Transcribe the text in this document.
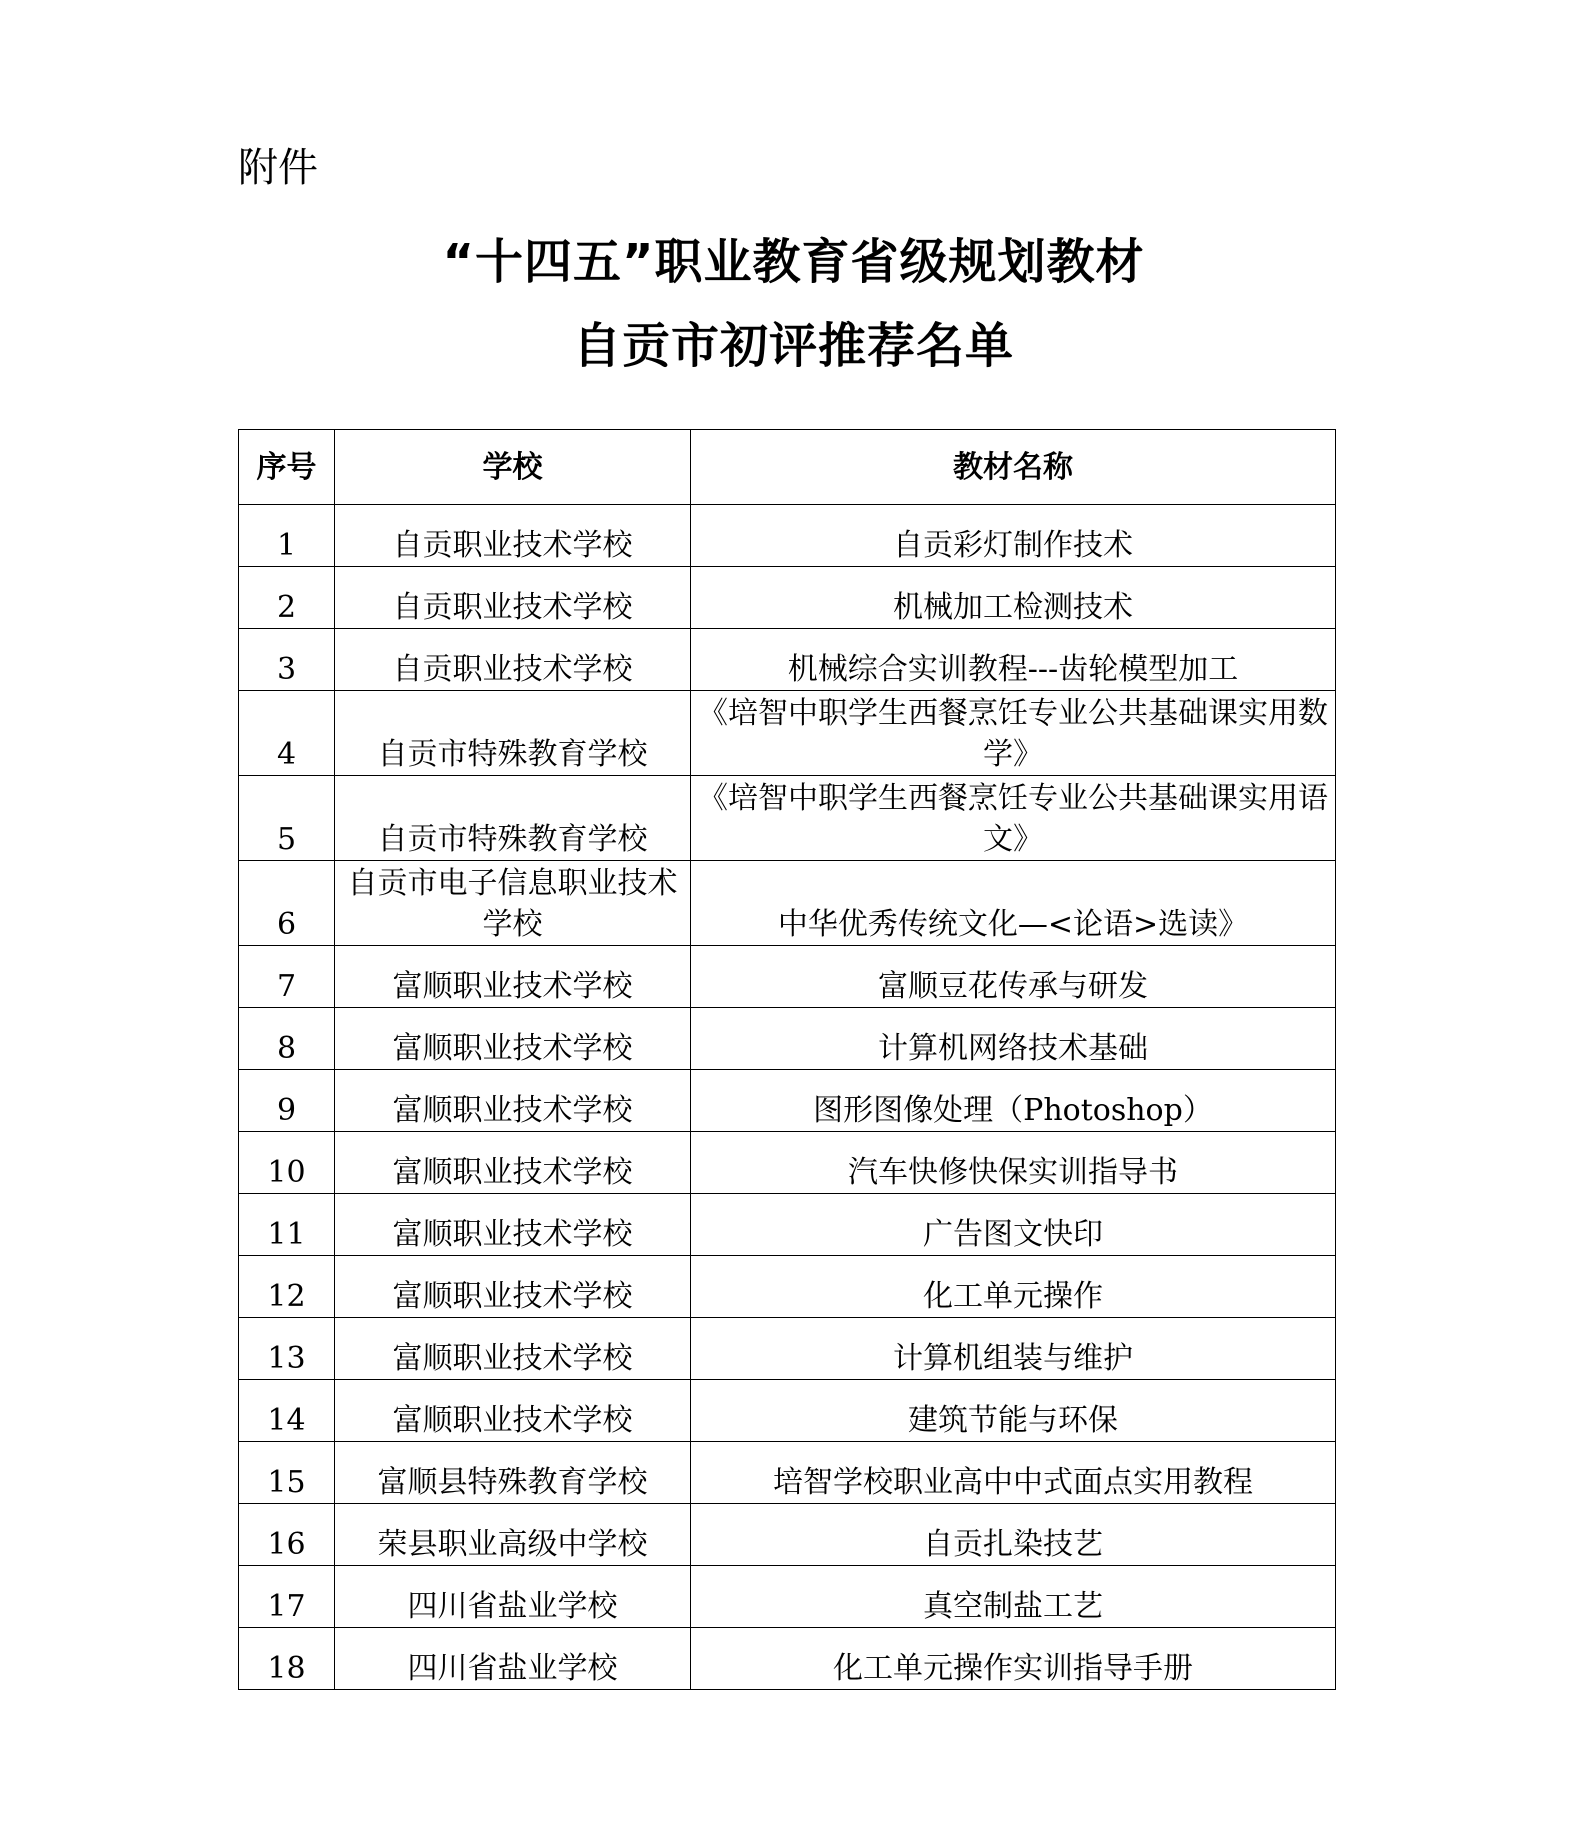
附件
“十四五”职业教育省级规划教材
自贡市初评推荐名单
序号	学校	教材名称
1	自贡职业技术学校	自贡彩灯制作技术
2	自贡职业技术学校	机械加工检测技术
3	自贡职业技术学校	机械综合实训教程---齿轮模型加工
4	自贡市特殊教育学校	《培智中职学生西餐烹饪专业公共基础课实用数学》
5	自贡市特殊教育学校	《培智中职学生西餐烹饪专业公共基础课实用语文》
6	自贡市电子信息职业技术学校	中华优秀传统文化—<论语>选读》
7	富顺职业技术学校	富顺豆花传承与研发
8	富顺职业技术学校	计算机网络技术基础
9	富顺职业技术学校	图形图像处理（Photoshop）
10	富顺职业技术学校	汽车快修快保实训指导书
11	富顺职业技术学校	广告图文快印
12	富顺职业技术学校	化工单元操作
13	富顺职业技术学校	计算机组装与维护
14	富顺职业技术学校	建筑节能与环保
15	富顺县特殊教育学校	培智学校职业高中中式面点实用教程
16	荣县职业高级中学校	自贡扎染技艺
17	四川省盐业学校	真空制盐工艺
18	四川省盐业学校	化工单元操作实训指导手册
